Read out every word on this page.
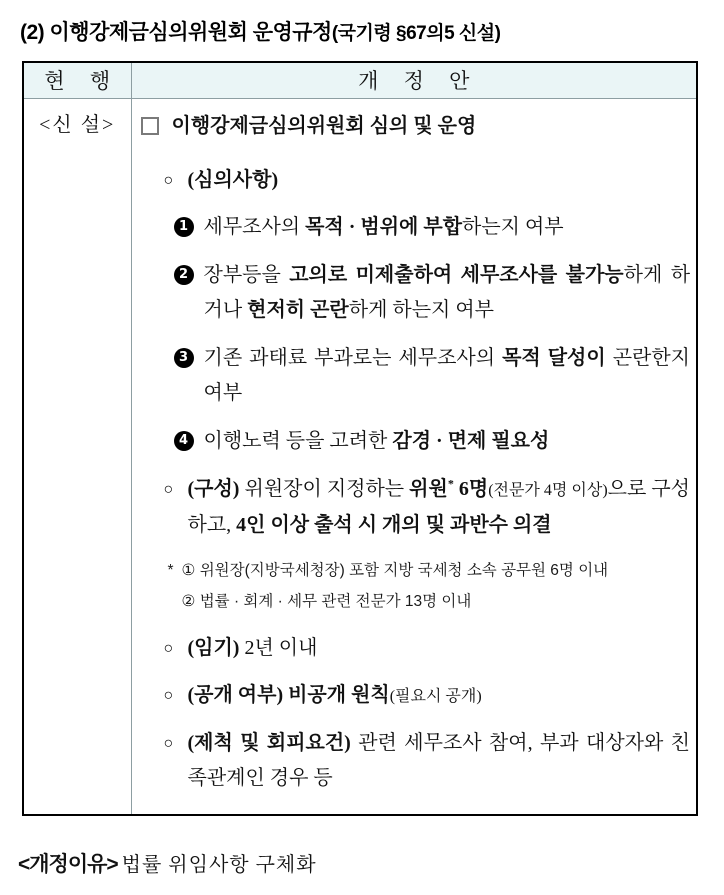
(2) 이행강제금심의위원회 운영규정(국기령 §67의5 신설)
현 행	개 정 안
<신 설>	이행강제금심의위원회 심의 및 운영
○ (심의사항)
1 세무조사의 목적 · 범위에 부합하는지 여부
2 장부등을 고의로 미제출하여 세무조사를 불가능하게 하거나 현저히 곤란하게 하는지 여부
3 기존 과태료 부과로는 세무조사의 목적 달성이 곤란한지 여부
4 이행노력 등을 고려한 감경 · 면제 필요성
○ (구성) 위원장이 지정하는 위원* 6명(전문가 4명 이상)으로 구성하고, 4인 이상 출석 시 개의 및 과반수 의결
* ① 위원장(지방국세청장) 포함 지방 국세청 소속 공무원 6명 이내
② 법률 · 회계 · 세무 관련 전문가 13명 이내
○ (임기) 2년 이내
○ (공개 여부) 비공개 원칙(필요시 공개)
○ (제척 및 회피요건) 관련 세무조사 참여, 부과 대상자와 친족관계인 경우 등
<개정이유> 법률 위임사항 구체화
